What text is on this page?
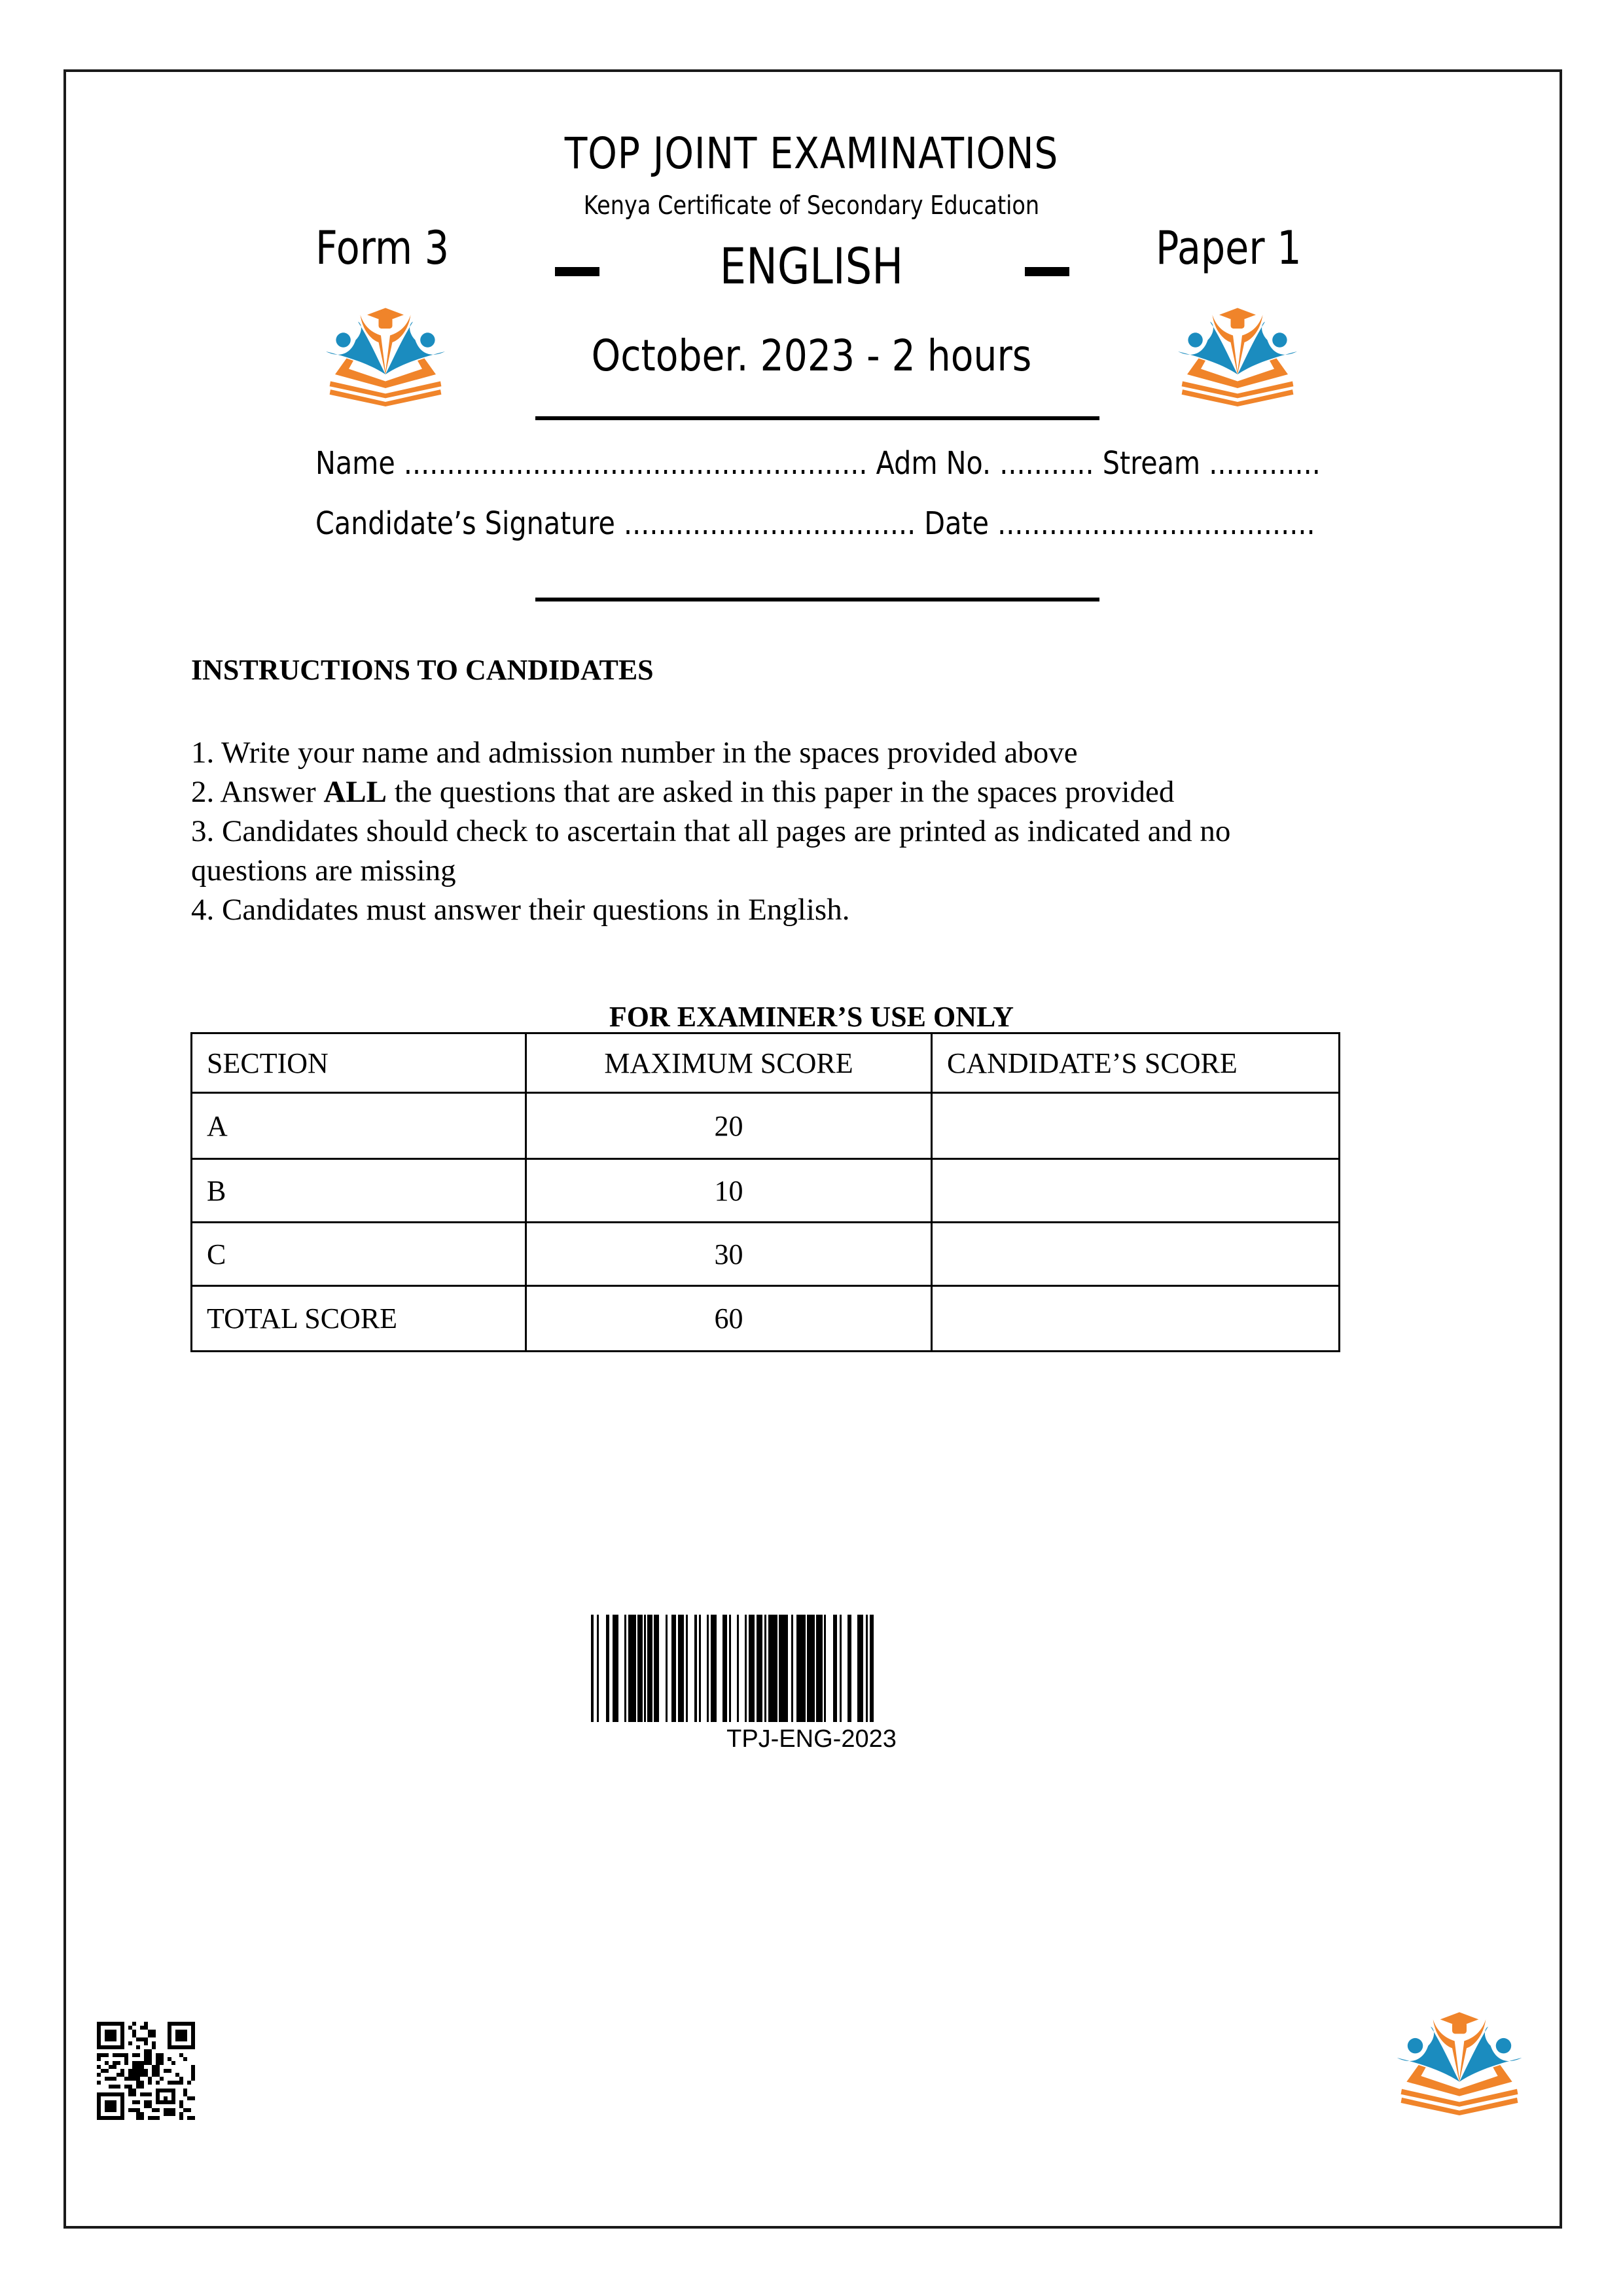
TOP JOINT EXAMINATIONS
Kenya Certificate of Secondary Education
Form 3	ENGLISH	Paper 1
October. 2023 - 2 hours
Name ...................................................... Adm No. ........... Stream .............
Candidate’s Signature .................................. Date .....................................
INSTRUCTIONS TO CANDIDATES
1. Write your name and admission number in the spaces provided above
2. Answer ALL the questions that are asked in this paper in the spaces provided
3. Candidates should check to ascertain that all pages are printed as indicated and no
questions are missing
4. Candidates must answer their questions in English.
FOR EXAMINER’S USE ONLY
SECTION	MAXIMUM SCORE	CANDIDATE’S SCORE
A	20	
B	10	
C	30	
TOTAL SCORE	60	
TPJ-ENG-2023
